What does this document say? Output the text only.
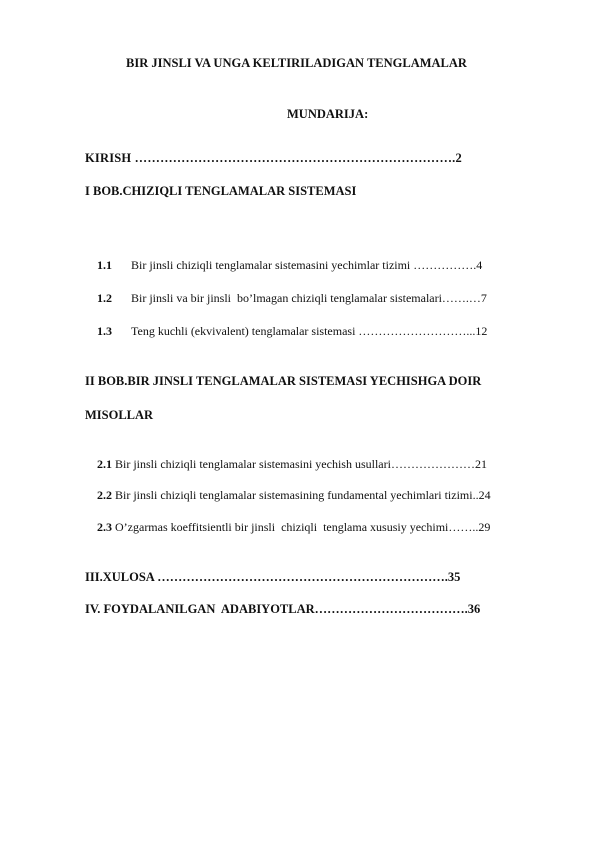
BIR JINSLI VA UNGA KELTIRILADIGAN TENGLAMALAR
MUNDARIJA:
KIRISH ………………………………………………………………….2
I BOB.CHIZIQLI TENGLAMALAR SISTEMASI

1.1 Bir jinsli chiziqli tenglamalar sistemasini yechimlar tizimi …………….4

1.2 Bir jinsli va bir jinsli  bo’lmagan chiziqli tenglamalar sistemalari…….…7

1.3 Teng kuchli (ekvivalent) tenglamalar sistemasi ………………………...12

II BOB.BIR JINSLI TENGLAMALAR SISTEMASI YECHISHGA DOIR
MISOLLAR

2.1 Bir jinsli chiziqli tenglamalar sistemasini yechish usullari…………………21

2.2 Bir jinsli chiziqli tenglamalar sistemasining fundamental yechimlari tizimi..24

2.3 O’zgarmas koeffitsientli bir jinsli  chiziqli  tenglama xususiy yechimi……..29

III.XULOSA …………………………………………………………….35
IV. FOYDALANILGAN  ADABIYOTLAR……………………………….36
